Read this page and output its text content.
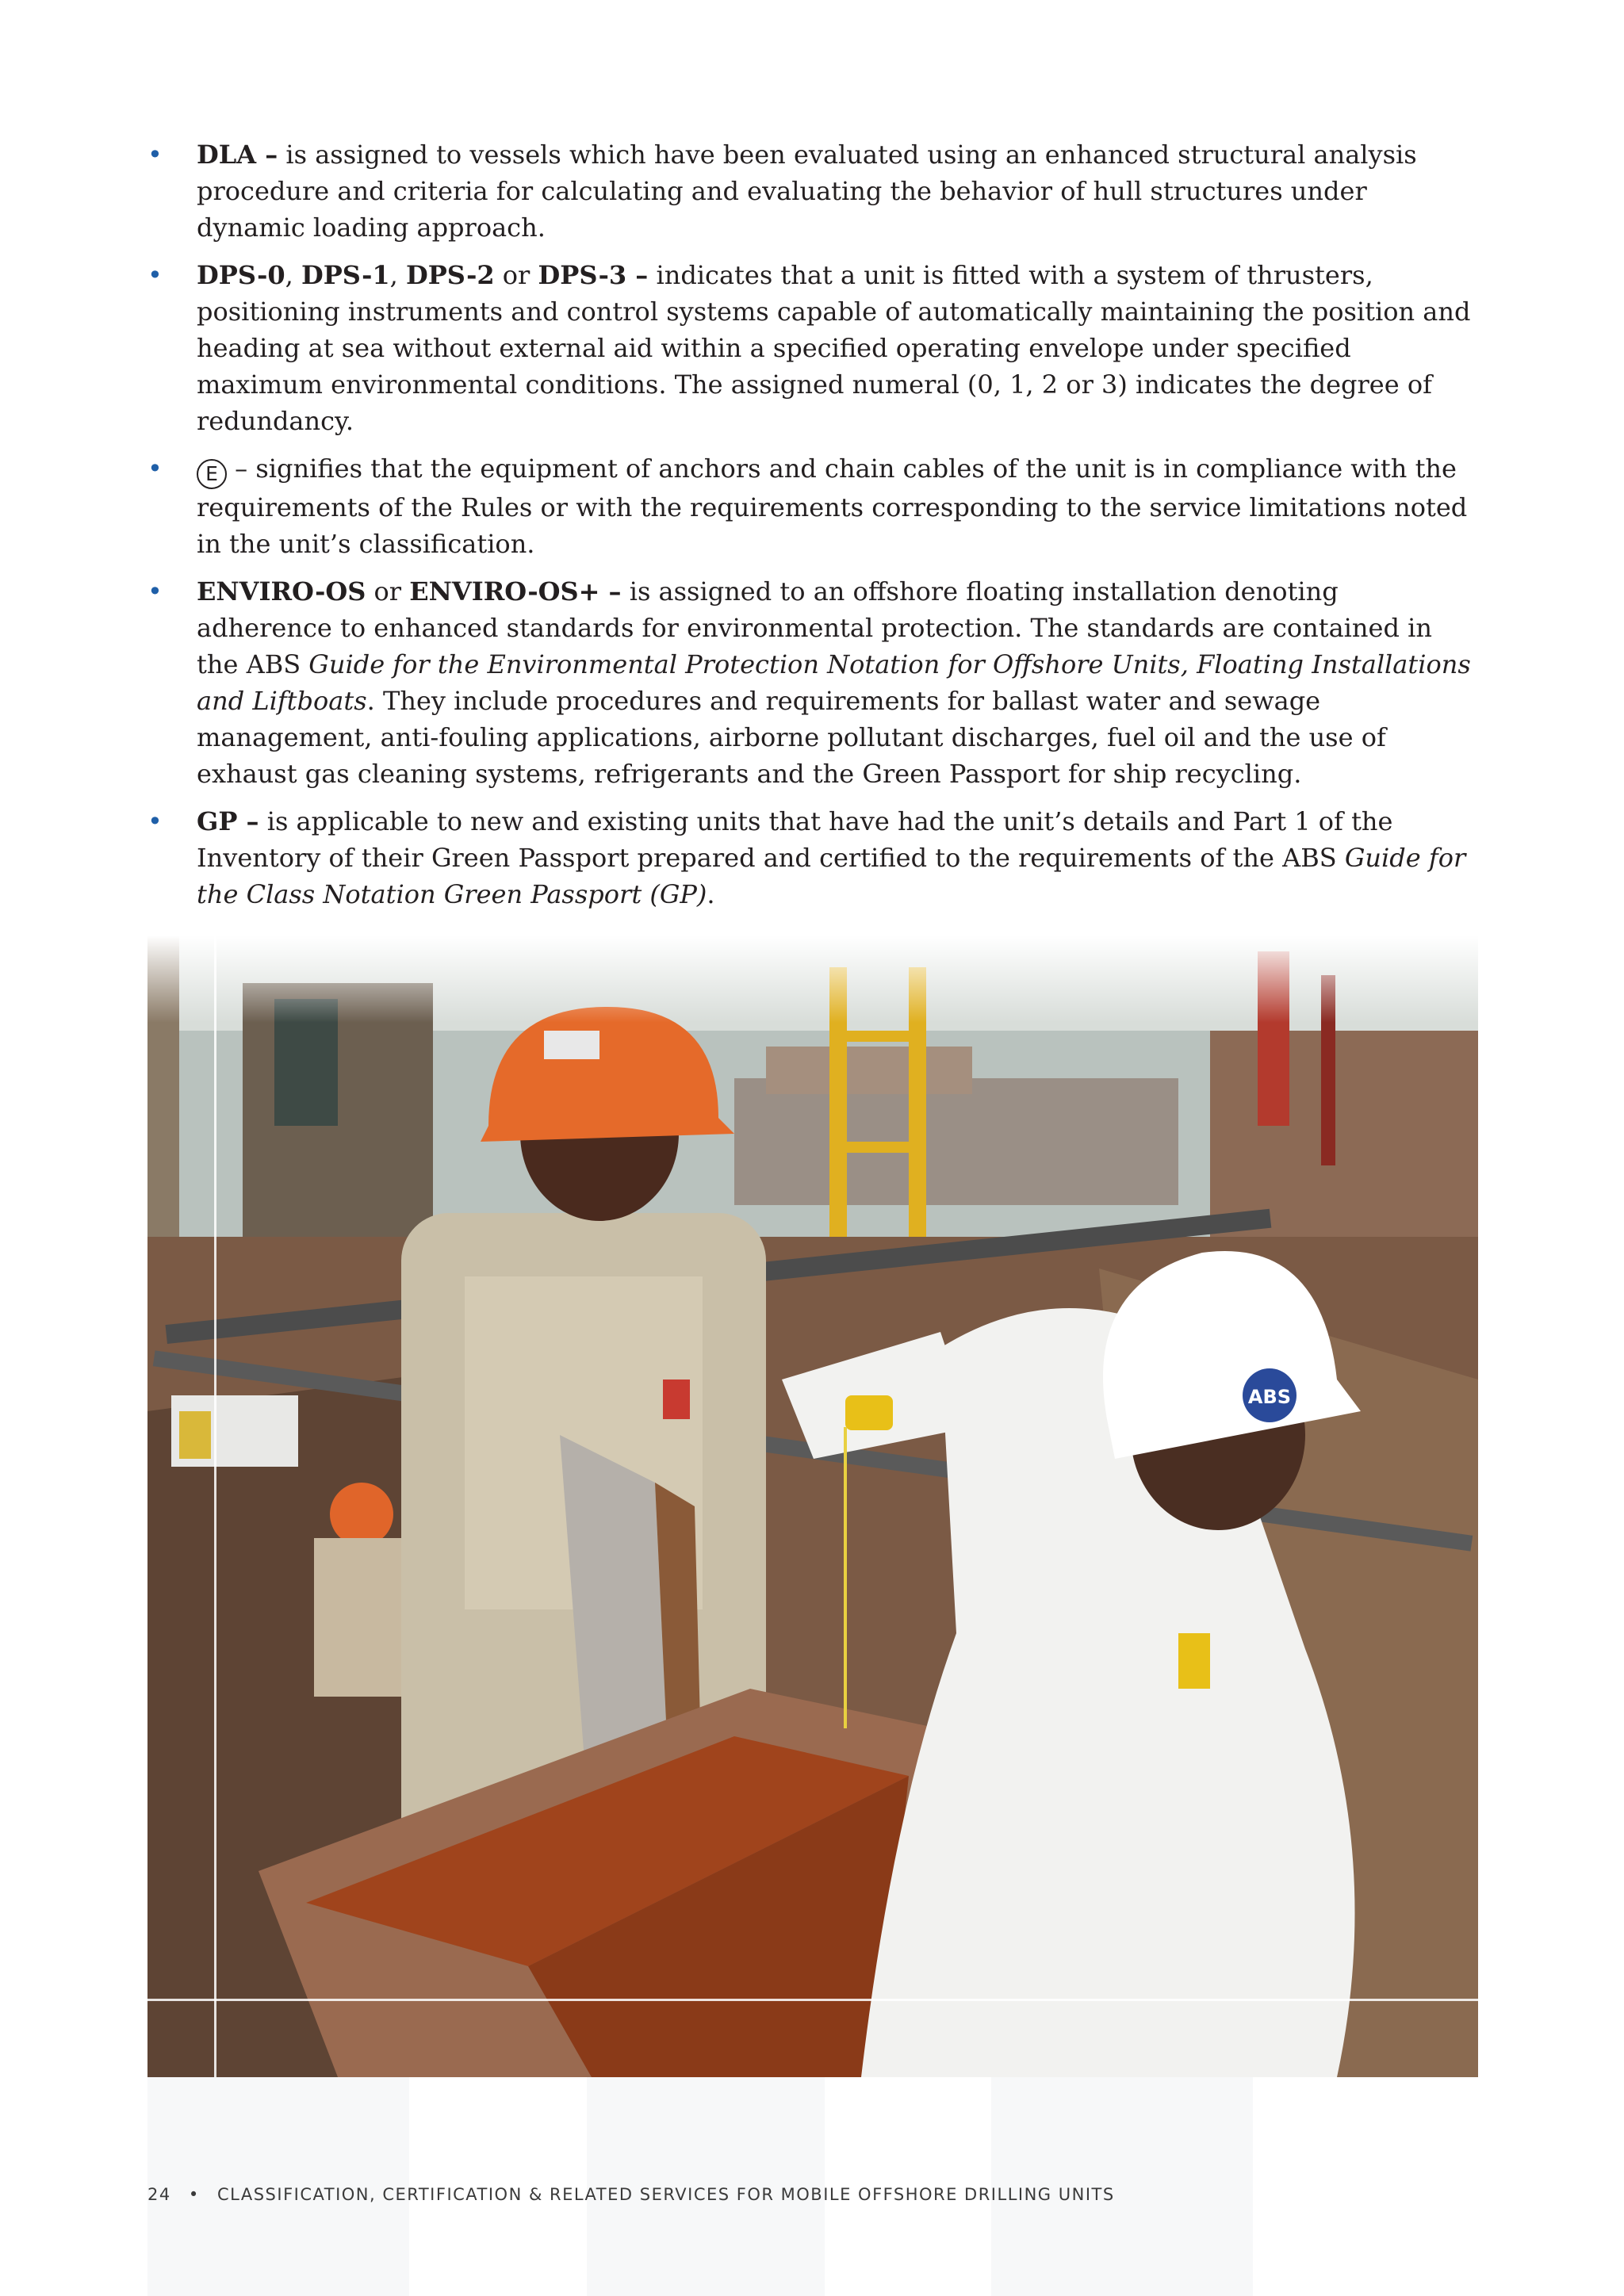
• DLA – is assigned to vessels which have been evaluated using an enhanced structural analysis procedure and criteria for calculating and evaluating the behavior of hull structures under dynamic loading approach.
• DPS-0, DPS-1, DPS-2 or DPS-3 – indicates that a unit is fitted with a system of thrusters, positioning instruments and control systems capable of automatically maintaining the position and heading at sea without external aid within a specified operating envelope under specified maximum environmental conditions. The assigned numeral (0, 1, 2 or 3) indicates the degree of redundancy.
• E – signifies that the equipment of anchors and chain cables of the unit is in compliance with the requirements of the Rules or with the requirements corresponding to the service limitations noted in the unit’s classification.
• ENVIRO-OS or ENVIRO-OS+ – is assigned to an offshore floating installation denoting adherence to enhanced standards for environmental protection. The standards are contained in the ABS Guide for the Environmental Protection Notation for Offshore Units, Floating Installations and Liftboats. They include procedures and requirements for ballast water and sewage management, anti-fouling applications, airborne pollutant discharges, fuel oil and the use of exhaust gas cleaning systems, refrigerants and the Green Passport for ship recycling.
• GP – is applicable to new and existing units that have had the unit’s details and Part 1 of the Inventory of their Green Passport prepared and certified to the requirements of the ABS Guide for the Class Notation Green Passport (GP).
ABS
24 • CLASSIFICATION, CERTIFICATION & RELATED SERVICES FOR MOBILE OFFSHORE DRILLING UNITS
